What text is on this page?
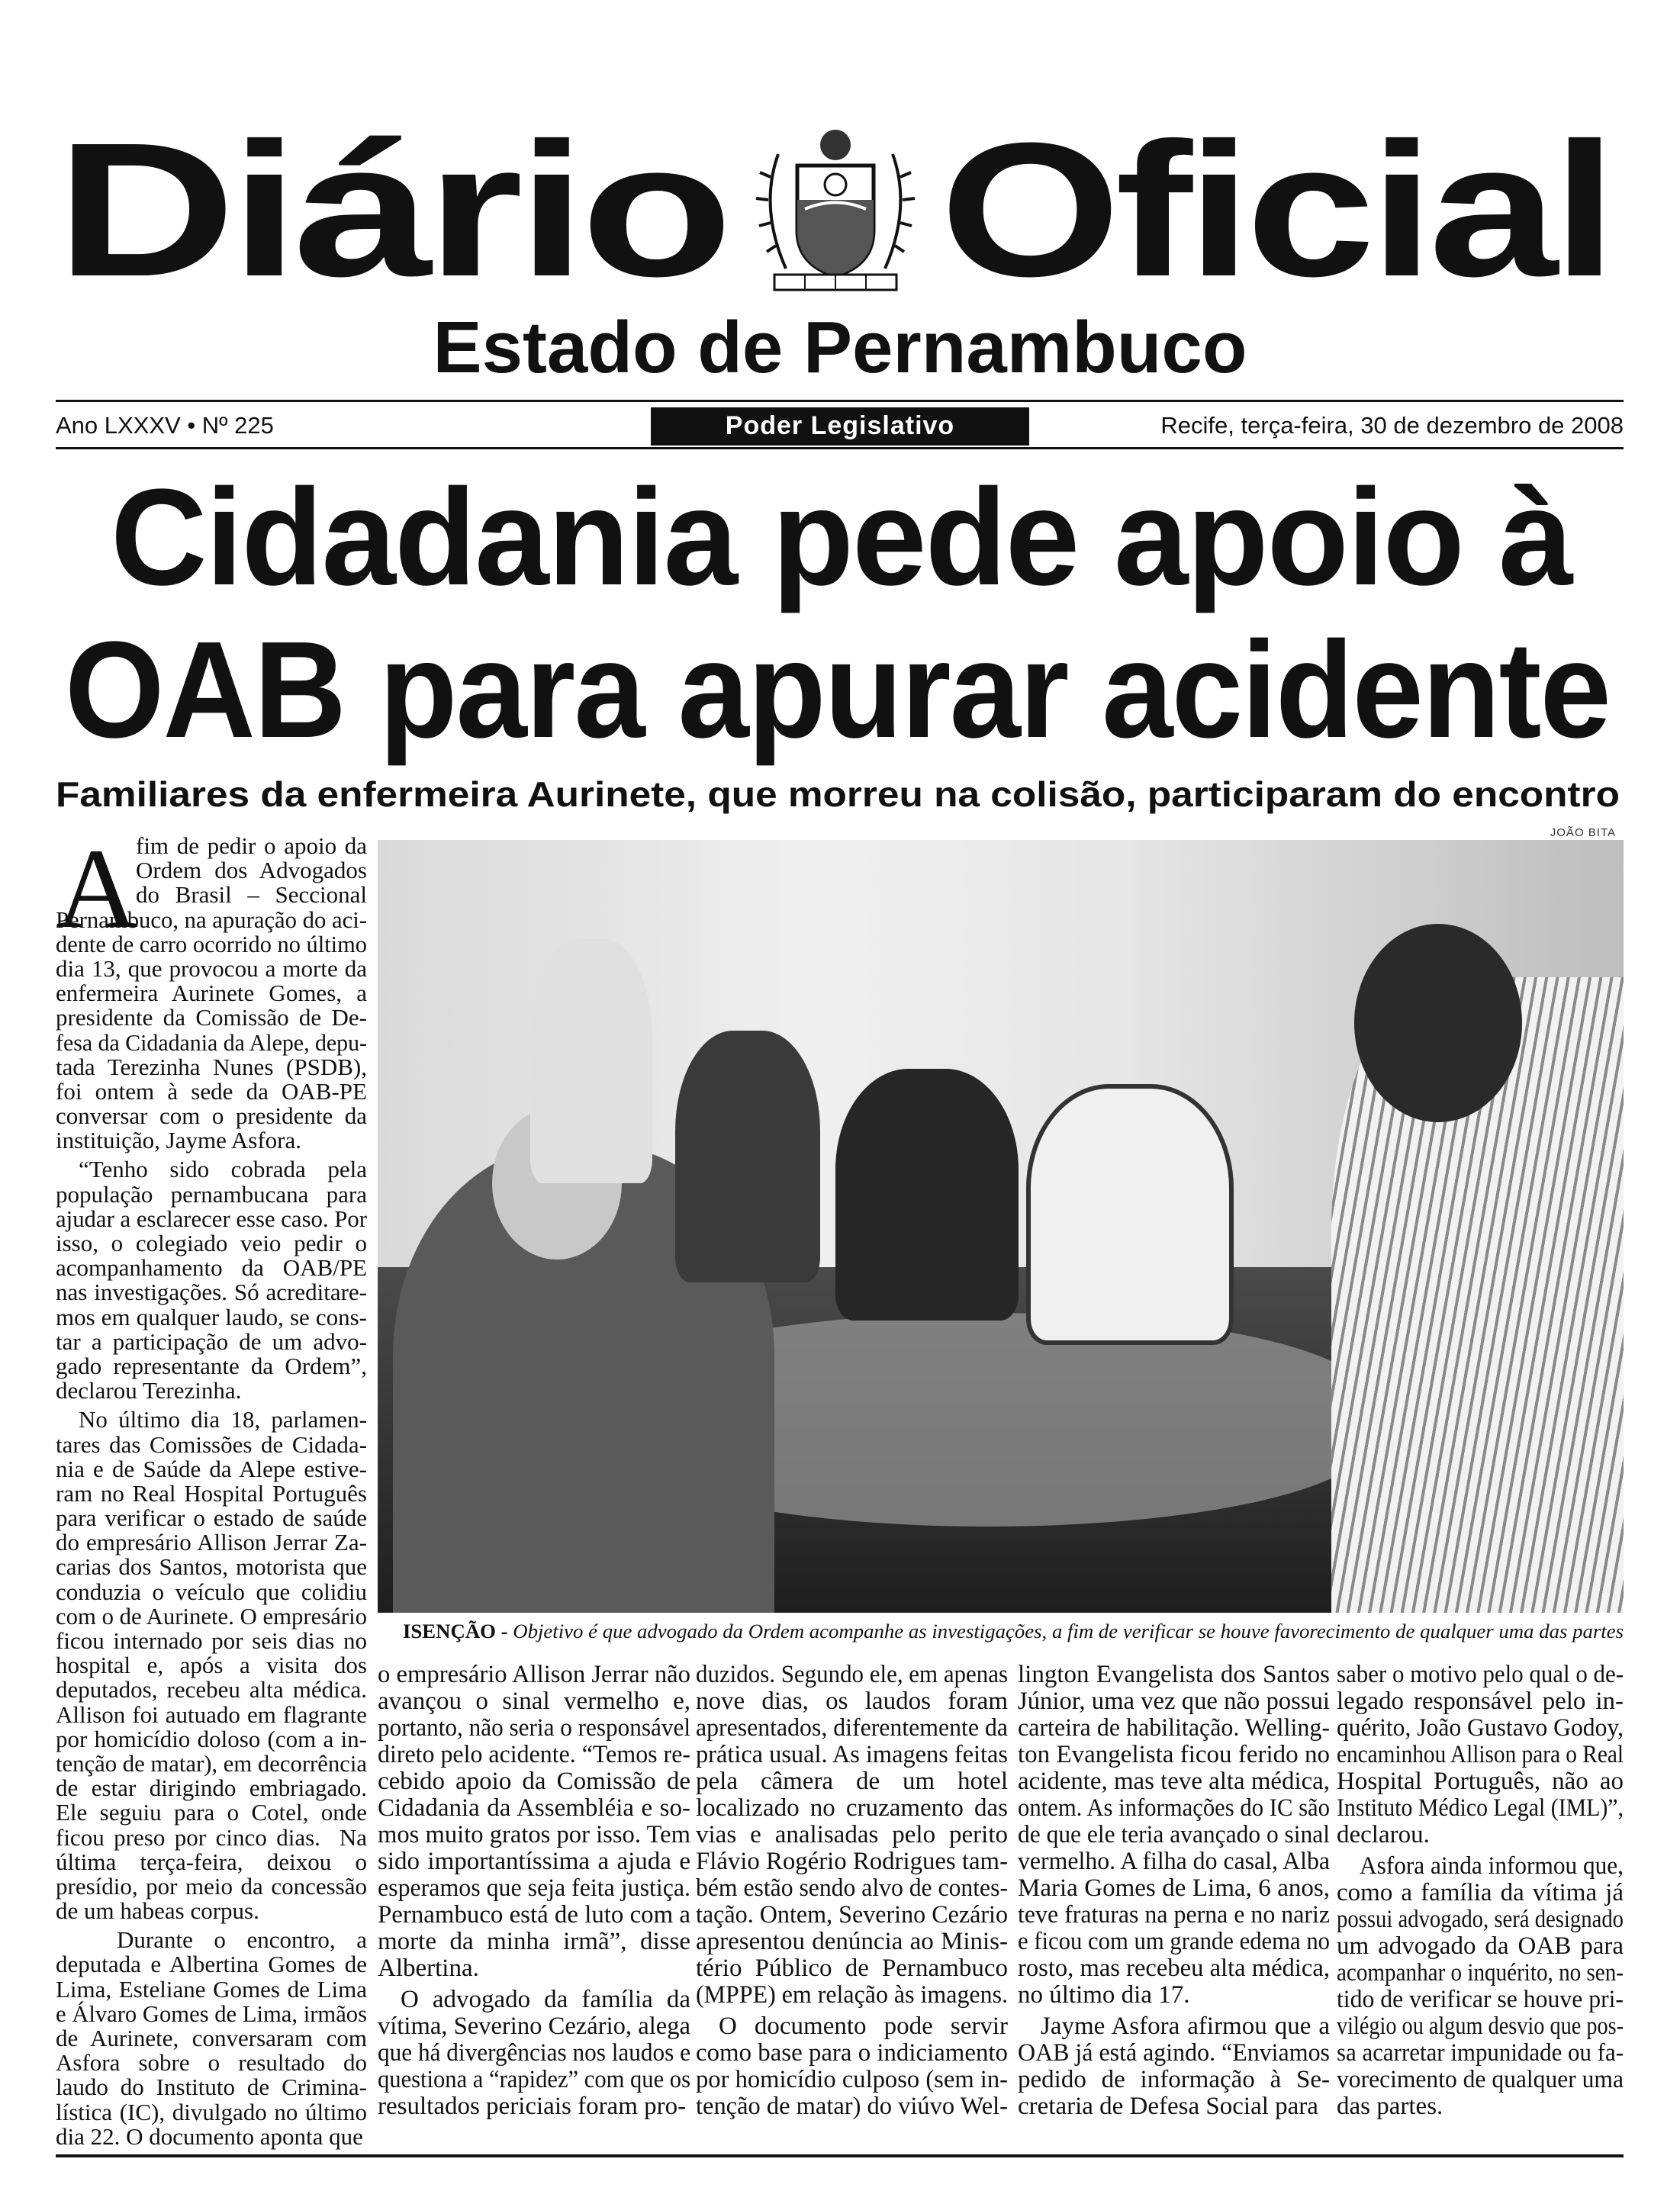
Diário Oficial
Estado de Pernambuco
Ano LXXXV • Nº 225	Poder Legislativo	Recife, terça-feira, 30 de dezembro de 2008
Cidadania pede apoio à
OAB para apurar acidente
Familiares da enfermeira Aurinete, que morreu na colisão, participaram do encontro
JOÃO BITA
ISENÇÃO - Objetivo é que advogado da Ordem acompanhe as investigações, a fim de verificar se houve favorecimento de qualquer uma das partes
A
fim de pedir o apoio da
Ordem dos Advogados
do Brasil – Seccional
Pernambuco, na apuração do aci-
dente de carro ocorrido no último
dia 13, que provocou a morte da
enfermeira Aurinete Gomes, a
presidente da Comissão de De-
fesa da Cidadania da Alepe, depu-
tada Terezinha Nunes (PSDB),
foi ontem à sede da OAB-PE
conversar com o presidente da
instituição, Jayme Asfora.
“Tenho sido cobrada pela
população pernambucana para
ajudar a esclarecer esse caso. Por
isso, o colegiado veio pedir o
acompanhamento da OAB/PE
nas investigações. Só acreditare-
mos em qualquer laudo, se cons-
tar a participação de um advo-
gado representante da Ordem”,
declarou Terezinha.
No último dia 18, parlamen-
tares das Comissões de Cidada-
nia e de Saúde da Alepe estive-
ram no Real Hospital Português
para verificar o estado de saúde
do empresário Allison Jerrar Za-
carias dos Santos, motorista que
conduzia o veículo que colidiu
com o de Aurinete. O empresário
ficou internado por seis dias no
hospital e, após a visita dos
deputados, recebeu alta médica.
Allison foi autuado em flagrante
por homicídio doloso (com a in-
tenção de matar), em decorrência
de estar dirigindo embriagado.
Ele seguiu para o Cotel, onde
ficou preso por cinco dias.  Na
última terça-feira, deixou o
presídio, por meio da concessão
de um habeas corpus.
Durante o encontro, a
deputada e Albertina Gomes de
Lima, Esteliane Gomes de Lima
e Álvaro Gomes de Lima, irmãos
de Aurinete, conversaram com
Asfora sobre o resultado do
laudo do Instituto de Crimina-
lística (IC), divulgado no último
dia 22. O documento aponta que
o empresário Allison Jerrar não
avançou o sinal vermelho e,
portanto, não seria o responsável
direto pelo acidente. “Temos re-
cebido apoio da Comissão de
Cidadania da Assembléia e so-
mos muito gratos por isso. Tem
sido importantíssima a ajuda e
esperamos que seja feita justiça.
Pernambuco está de luto com a
morte da minha irmã”, disse
Albertina.
O advogado da família da
vítima, Severino Cezário, alega
que há divergências nos laudos e
questiona a “rapidez” com que os
resultados periciais foram pro-
duzidos. Segundo ele, em apenas
nove dias, os laudos foram
apresentados, diferentemente da
prática usual. As imagens feitas
pela câmera de um hotel
localizado no cruzamento das
vias e analisadas pelo perito
Flávio Rogério Rodrigues tam-
bém estão sendo alvo de contes-
tação. Ontem, Severino Cezário
apresentou denúncia ao Minis-
tério Público de Pernambuco
(MPPE) em relação às imagens.
O documento pode servir
como base para o indiciamento
por homicídio culposo (sem in-
tenção de matar) do viúvo Wel-
lington Evangelista dos Santos
Júnior, uma vez que não possui
carteira de habilitação. Welling-
ton Evangelista ficou ferido no
acidente, mas teve alta médica,
ontem. As informações do IC são
de que ele teria avançado o sinal
vermelho. A filha do casal, Alba
Maria Gomes de Lima, 6 anos,
teve fraturas na perna e no nariz
e ficou com um grande edema no
rosto, mas recebeu alta médica,
no último dia 17.
Jayme Asfora afirmou que a
OAB já está agindo. “Enviamos
pedido de informação à Se-
cretaria de Defesa Social para
saber o motivo pelo qual o de-
legado responsável pelo in-
quérito, João Gustavo Godoy,
encaminhou Allison para o Real
Hospital Português, não ao
Instituto Médico Legal (IML)”,
declarou.
Asfora ainda informou que,
como a família da vítima já
possui advogado, será designado
um advogado da OAB para
acompanhar o inquérito, no sen-
tido de verificar se houve pri-
vilégio ou algum desvio que pos-
sa acarretar impunidade ou fa-
vorecimento de qualquer uma
das partes.
